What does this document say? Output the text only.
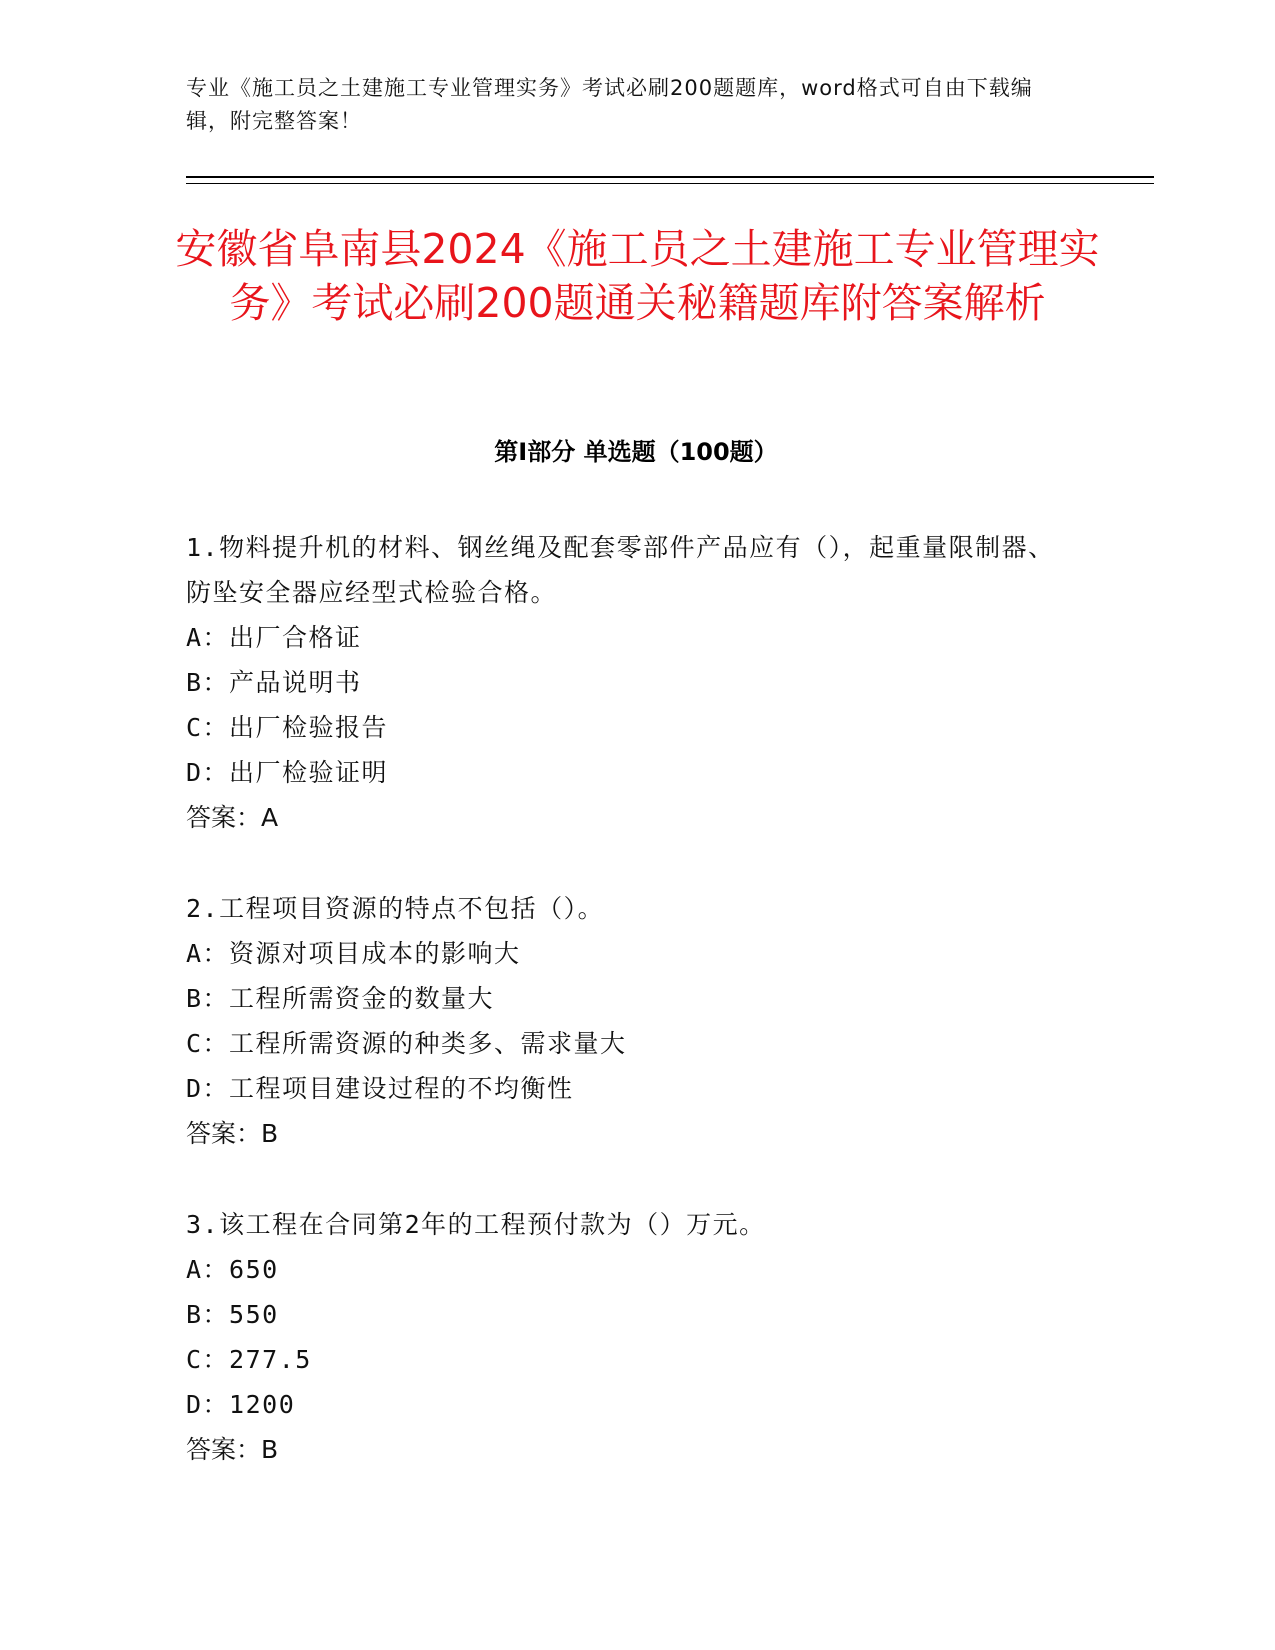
专业《施工员之土建施工专业管理实务》考试必刷200题题库，word格式可自由下载编辑，附完整答案！
安徽省阜南县2024《施工员之土建施工专业管理实务》考试必刷200题通关秘籍题库附答案解析
第I部分 单选题（100题）
1.物料提升机的材料、钢丝绳及配套零部件产品应有（），起重量限制器、防坠安全器应经型式检验合格。
A：出厂合格证
B：产品说明书
C：出厂检验报告
D：出厂检验证明
答案：A
2.工程项目资源的特点不包括（）。
A：资源对项目成本的影响大
B：工程所需资金的数量大
C：工程所需资源的种类多、需求量大
D：工程项目建设过程的不均衡性
答案：B
3.该工程在合同第2年的工程预付款为（）万元。
A：650
B：550
C：277.5
D：1200
答案：B
